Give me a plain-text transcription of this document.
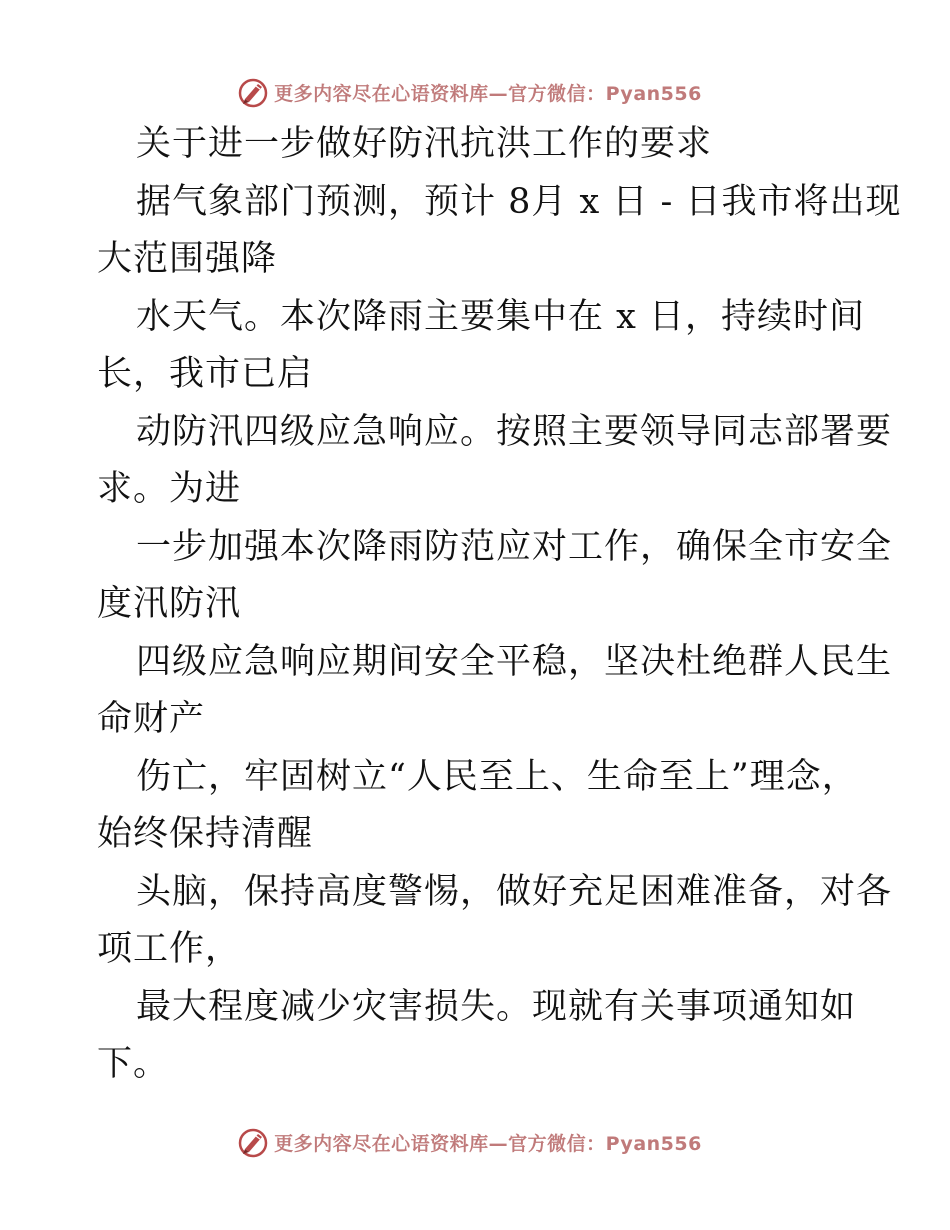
更多内容尽在心语资料库—官方微信：Pyan556
关于进一步做好防汛抗洪工作的要求
据气象部门预测，预计 8月 x 日 - 日我市将出现
大范围强降
水天气。本次降雨主要集中在 x 日，持续时间
长，我市已启
动防汛四级应急响应。按照主要领导同志部署要
求。为进
一步加强本次降雨防范应对工作，确保全市安全
度汛防汛
四级应急响应期间安全平稳，坚决杜绝群人民生
命财产
伤亡，牢固树立“人民至上、生命至上”理念，
始终保持清醒
头脑，保持高度警惕，做好充足困难准备，对各
项工作，
最大程度减少灾害损失。现就有关事项通知如
下。
更多内容尽在心语资料库—官方微信：Pyan556
